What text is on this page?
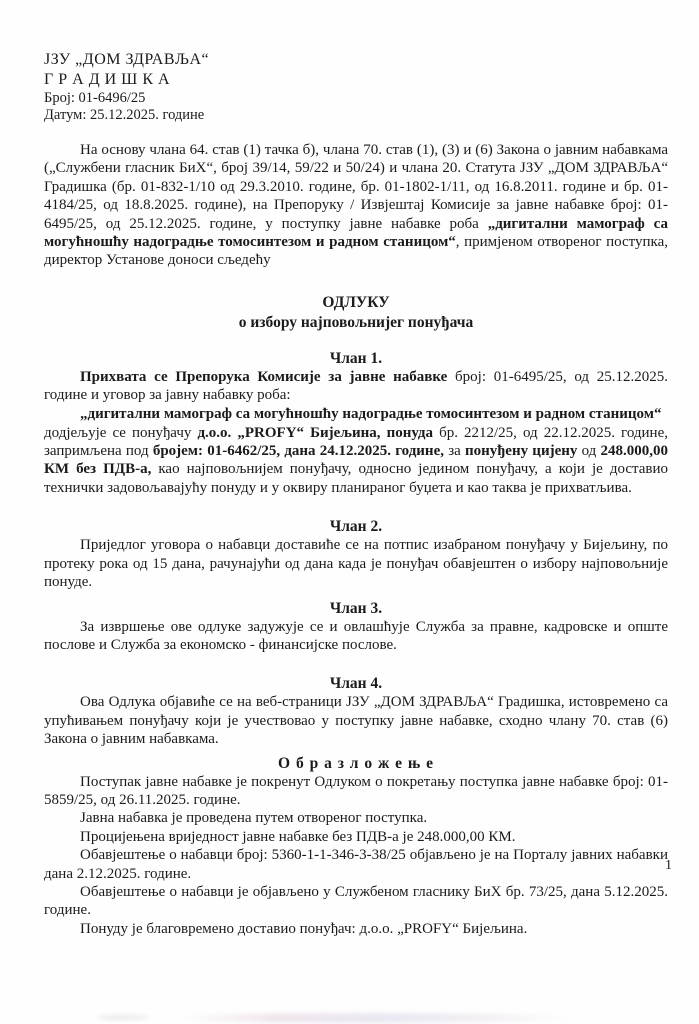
ЈЗУ „ДОМ ЗДРАВЉА“
Г Р А Д И Ш К А
Број: 01-6496/25
Датум: 25.12.2025. године

На основу члана 64. став (1) тачка б), члана 70. став (1), (3) и (6) Закона о јавним набавкама („Службени гласник БиХ“, број 39/14, 59/22 и 50/24) и члана 20. Статута ЈЗУ „ДОМ ЗДРАВЉА“ Градишка (бр. 01-832-1/10 од 29.3.2010. године, бр. 01-1802-1/11, од 16.8.2011. године и бр. 01-4184/25, од 18.8.2025. године), на Препоруку / Извјештај Комисије за јавне набавке број: 01-6495/25, од 25.12.2025. године, у поступку јавне набавке роба „дигитални мамограф са могућношћу надоградње томосинтезом и радном станицом“, примјеном отвореног поступка, директор Установе доноси сљедећу

ОДЛУКУ
о избору најповољнијег понуђача
Члан 1.

Прихвата се Препорука Комисије за јавне набавке број: 01-6495/25, од 25.12.2025. године и уговор за јавну набавку роба:

„дигитални мамограф са могућношћу надоградње томосинтезом и радном станицом“

додјељује се понуђачу д.о.о. „PROFY“ Бијељина, понуда бр. 2212/25, од 22.12.2025. године, запримљена под бројем: 01-6462/25, дана 24.12.2025. године, за понуђену цијену од 248.000,00 КМ без ПДВ-а, као најповољнијем понуђачу, односно једином понуђачу, а који је доставио технички задовољавајућу понуду и у оквиру планираног буџета и као таква је прихватљива.

Члан 2.

Приједлог уговора о набавци доставиће се на потпис изабраном понуђачу у Бијељину, по протеку рока од 15 дана, рачунајући од дана када је понуђач обавјештен о избору најповољније понуде.

Члан 3.

За извршење ове одлуке задужује се и овлашћује Служба за правне, кадровске и опште послове и Служба за економско - финансијске послове.

Члан 4.

Ова Одлука објавиће се на веб-страници ЈЗУ „ДОМ ЗДРАВЉА“ Градишка, истовремено са упућивањем понуђачу који је учествовао у поступку јавне набавке, сходно члану 70. став (6) Закона о јавним набавкама.

О б р а з л о ж е њ е

Поступак јавне набавке је покренут Одлуком о покретању поступка јавне набавке број: 01-5859/25, од 26.11.2025. године.

Јавна набавка је проведена путем отвореног поступка.

Процијењена вриједност јавне набавке без ПДВ-а је 248.000,00 КМ.

Обавјештење о набавци број: 5360-1-1-346-3-38/25 објављено је на Порталу јавних набавки дана 2.12.2025. године.

Обавјештење о набавци је објављено у Службеном гласнику БиХ бр. 73/25, дана 5.12.2025. године.

Понуду је благовремено доставио понуђач: д.о.о. „PROFY“ Бијељина.

1
